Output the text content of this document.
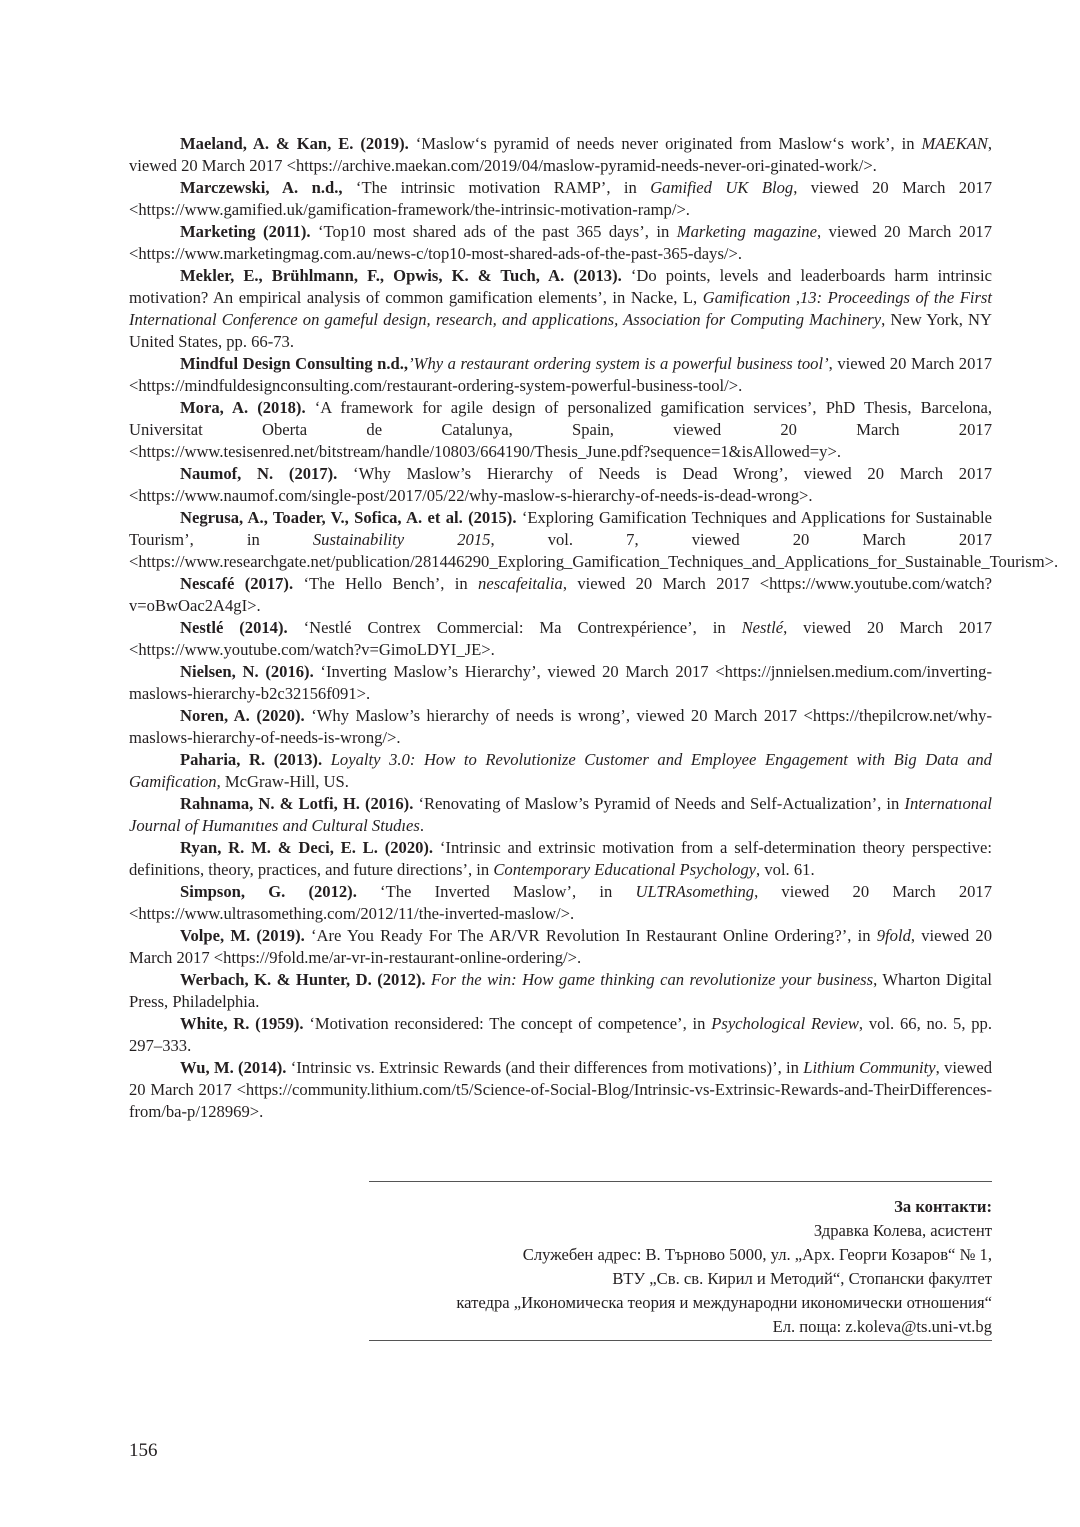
Maeland, A. & Kan, E. (2019). ‘Maslow‘s pyramid of needs never originated from Maslow‘s work’, in MAEKAN, viewed 20 March 2017 <https://archive.maekan.com/2019/04/maslow-pyramid-needs-never-ori-ginated-work/>.

Marczewski, A. n.d., ‘The intrinsic motivation RAMP’, in Gamified UK Blog, viewed 20 March 2017 <https://www.gamified.uk/gamification-framework/the-intrinsic-motivation-ramp/>.

Marketing (2011). ‘Top10 most shared ads of the past 365 days’, in Marketing magazine, viewed 20 March 2017 <https://www.marketingmag.com.au/news-c/top10-most-shared-ads-of-the-past-365-days/>.

Mekler, E., Brühlmann, F., Opwis, K. & Tuch, A. (2013). ‘Do points, levels and leaderboards harm intrinsic motivation? An empirical analysis of common gamification elements’, in Nacke, L, Gamification ,13: Proceedings of the First International Conference on gameful design, research, and applications, Association for Computing Machinery, New York, NY United States, pp. 66-73.

Mindful Design Consulting n.d.,’Why a restaurant ordering system is a powerful business tool’, viewed 20 March 2017 <https://mindfuldesignconsulting.com/restaurant-ordering-system-powerful-business-tool/>.

Mora, A. (2018). ‘A framework for agile design of personalized gamification services’, PhD Thesis, Barcelona, Universitat Oberta de Catalunya, Spain, viewed 20 March 2017 <https://www.tesisenred.net/bitstream/handle/10803/664190/Thesis_June.pdf?sequence=1&isAllowed=y>.

Naumof, N. (2017). ‘Why Maslow’s Hierarchy of Needs is Dead Wrong’, viewed 20 March 2017 <https://www.naumof.com/single-post/2017/05/22/why-maslow-s-hierarchy-of-needs-is-dead-wrong>.

Negrusa, A., Toader, V., Sofica, A. et al. (2015). ‘Exploring Gamification Techniques and Applications for Sustainable Tourism’, in Sustainability 2015, vol. 7, viewed 20 March 2017 <https://www.researchgate.net/publication/281446290_Exploring_Gamification_Techniques_and_Applications_for_Sustainable_Tourism>.

Nescafé (2017). ‘The Hello Bench’, in nescafeitalia, viewed 20 March 2017 <https://www.youtube.com/watch?v=oBwOac2A4gI>.

Nestlé (2014). ‘Nestlé Contrex Commercial: Ma Contrexpérience’, in Nestlé, viewed 20 March 2017 <https://www.youtube.com/watch?v=GimoLDYI_JE>.

Nielsen, N. (2016). ‘Inverting Maslow’s Hierarchy’, viewed 20 March 2017 <https://jnnielsen.medium.com/inverting-maslows-hierarchy-b2c32156f091>.

Noren, A. (2020). ‘Why Maslow’s hierarchy of needs is wrong’, viewed 20 March 2017 <https://thepilcrow.net/why-maslows-hierarchy-of-needs-is-wrong/>.

Paharia, R. (2013). Loyalty 3.0: How to Revolutionize Customer and Employee Engagement with Big Data and Gamification, McGraw-Hill, US.

Rahnama, N. & Lotfi, H. (2016). ‘Renovating of Maslow’s Pyramid of Needs and Self-Actualization’, in Internatıonal Journal of Humanıtıes and Cultural Studıes.

Ryan, R. M. & Deci, E. L. (2020). ‘Intrinsic and extrinsic motivation from a self-determination theory perspective: definitions, theory, practices, and future directions’, in Contemporary Educational Psychology, vol. 61.

Simpson, G. (2012). ‘The Inverted Maslow’, in ULTRAsomething, viewed 20 March 2017 <https://www.ultrasomething.com/2012/11/the-inverted-maslow/>.

Volpe, M. (2019). ‘Are You Ready For The AR/VR Revolution In Restaurant Online Ordering?’, in 9fold, viewed 20 March 2017 <https://9fold.me/ar-vr-in-restaurant-online-ordering/>.

Werbach, K. & Hunter, D. (2012). For the win: How game thinking can revolutionize your business, Wharton Digital Press, Philadelphia.

White, R. (1959). ‘Motivation reconsidered: The concept of competence’, in Psychological Review, vol. 66, no. 5, pp. 297–333.

Wu, M. (2014). ‘Intrinsic vs. Extrinsic Rewards (and their differences from motivations)’, in Lithium Community, viewed 20 March 2017 <https://community.lithium.com/t5/Science-of-Social-Blog/Intrinsic-vs-Extrinsic-Rewards-and-TheirDifferences-from/ba-p/128969>.

За контакти:
Здравка Колева, асистент
Служебен адрес: В. Търново 5000, ул. „Арх. Георги Козаров“ № 1,
ВТУ „Св. св. Кирил и Методий“, Стопански факултет
катедра „Икономическа теория и международни икономически отношения“
Ел. поща: z.koleva@ts.uni-vt.bg
156
